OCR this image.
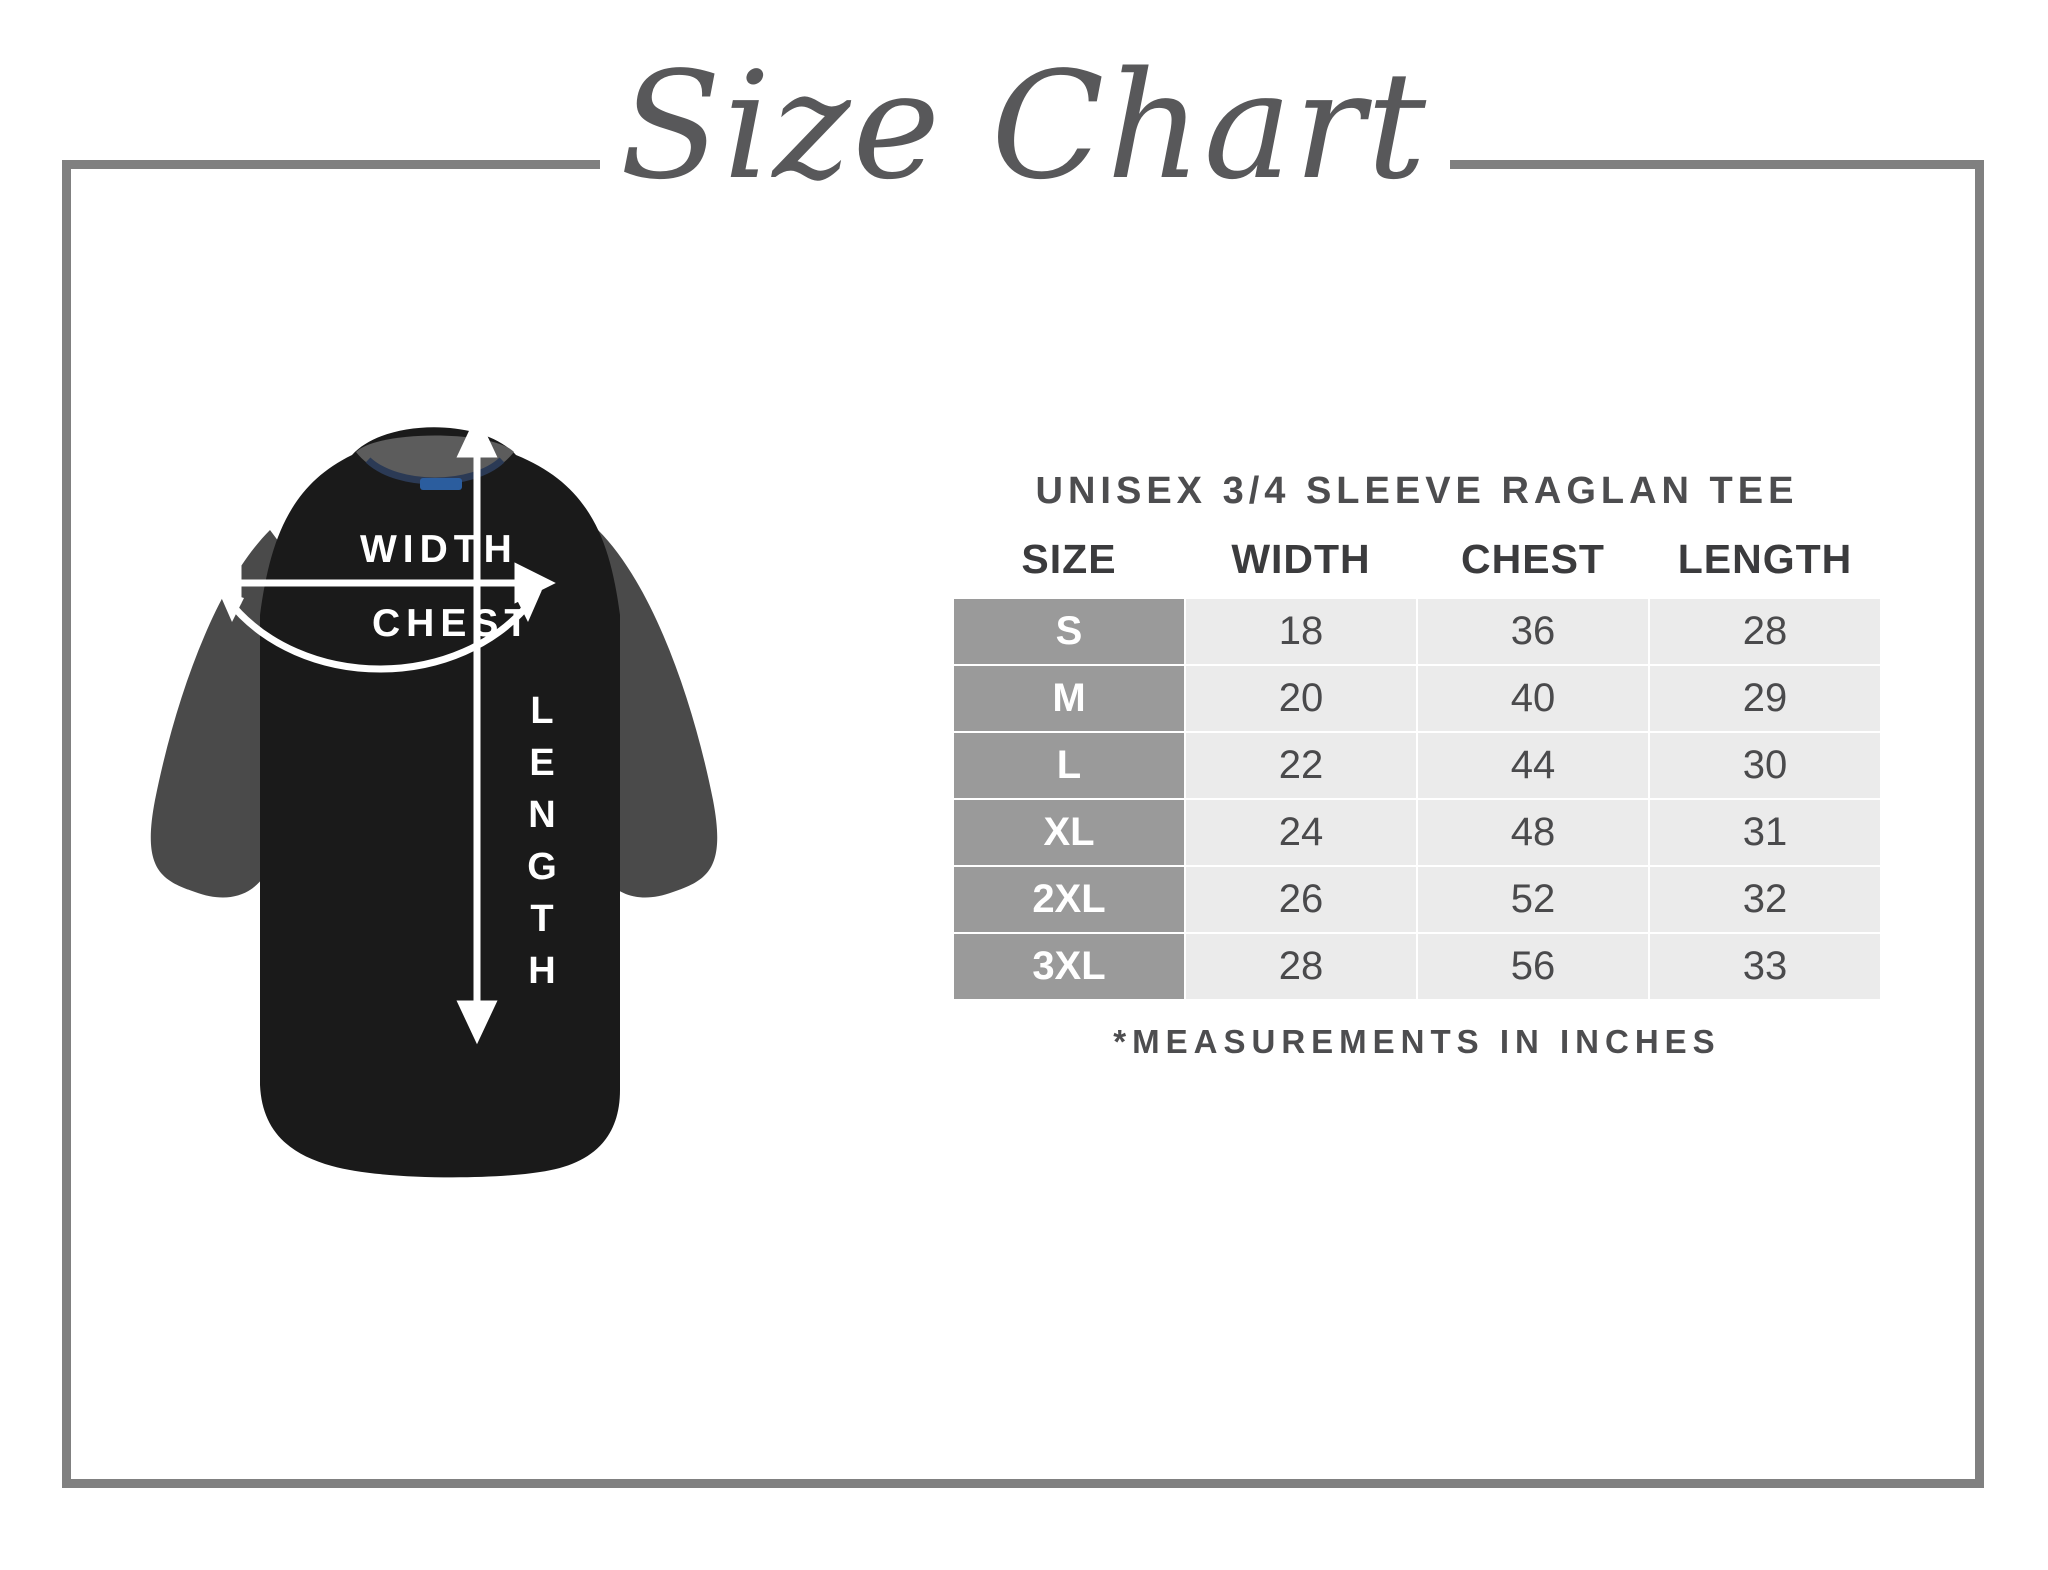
Size Chart
WIDTH
CHEST
LENGTH
UNISEX 3/4 SLEEVE RAGLAN TEE
SIZE	WIDTH	CHEST	LENGTH
S	18	36	28
M	20	40	29
L	22	44	30
XL	24	48	31
2XL	26	52	32
3XL	28	56	33
*MEASUREMENTS IN INCHES
